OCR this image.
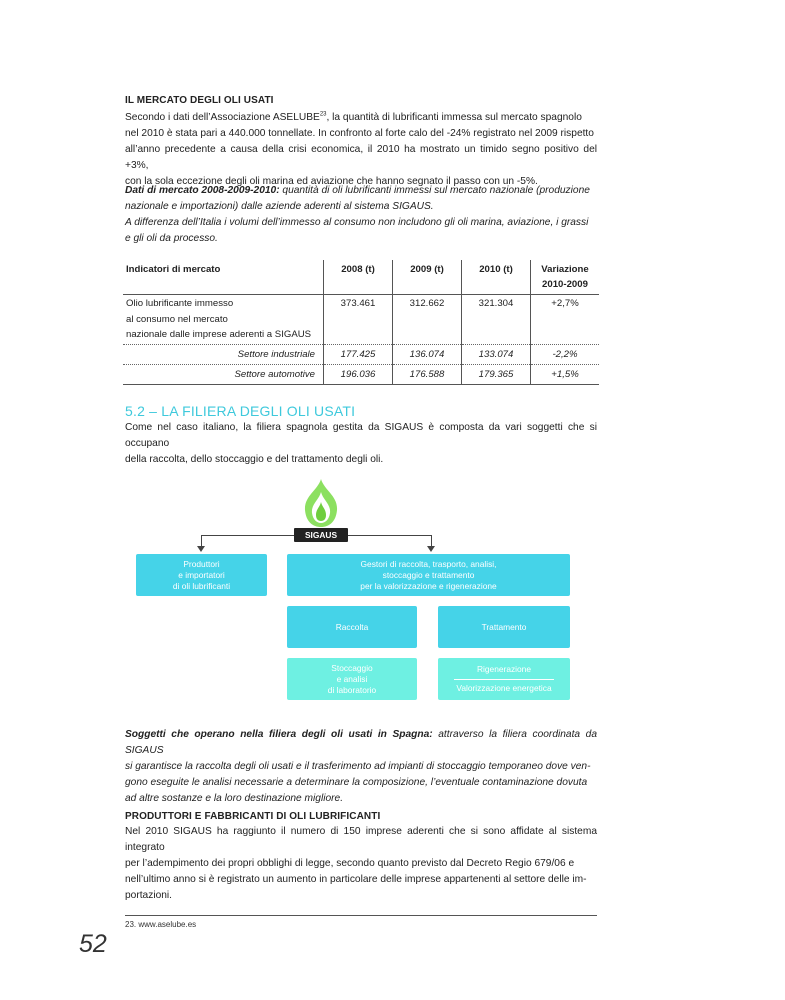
IL MERCATO DEGLI OLI USATI
Secondo i dati dell’Associazione ASELUBE$^{23}$, la quantità di lubrificanti immessa sul mercato spagnolo
nel 2010 è stata pari a 440.000 tonnellate. In confronto al forte calo del -24% registrato nel 2009 rispetto
all’anno precedente a causa della crisi economica, il 2010 ha mostrato un timido segno positivo del +3%,
con la sola eccezione degli oli marina ed aviazione che hanno segnato il passo con un -5%.
Dati di mercato 2008-2009-2010: quantità di oli lubrificanti immessi sul mercato nazionale (produzione
nazionale e importazioni) dalle aziende aderenti al sistema SIGAUS.
A differenza dell’Italia i volumi dell’immesso al consumo non includono gli oli marina, aviazione, i grassi
e gli oli da processo.
Indicatori di mercato	2008 (t)	2009 (t)	2010 (t)	Variazione
2010-2009

Olio lubrificante immesso
al consumo nel mercato
nazionale dalle imprese aderenti a SIGAUS	373.461	312.662	321.304	+2,7%
Settore industriale	177.425	136.074	133.074	-2,2%
Settore automotive	196.036	176.588	179.365	+1,5%
5.2 – LA FILIERA DEGLI OLI USATI
Come nel caso italiano, la filiera spagnola gestita da SIGAUS è composta da vari soggetti che si occupano
della raccolta, dello stoccaggio e del trattamento degli oli.
SIGAUS
Produttori
e importatori
di oli lubrificanti
Gestori di raccolta, trasporto, analisi,
stoccaggio e trattamento
per la valorizzazione e rigenerazione
Raccolta	Trattamento
Stoccaggio
e analisi
di laboratorio
Rigenerazione
Valorizzazione energetica
Soggetti che operano nella filiera degli oli usati in Spagna: attraverso la filiera coordinata da SIGAUS
si garantisce la raccolta degli oli usati e il trasferimento ad impianti di stoccaggio temporaneo dove ven-
gono eseguite le analisi necessarie a determinare la composizione, l’eventuale contaminazione dovuta
ad altre sostanze e la loro destinazione migliore.
PRODUTTORI E FABBRICANTI DI OLI LUBRIFICANTI
Nel 2010 SIGAUS ha raggiunto il numero di 150 imprese aderenti che si sono affidate al sistema integrato
per l’adempimento dei propri obblighi di legge, secondo quanto previsto dal Decreto Regio 679/06 e
nell’ultimo anno si è registrato un aumento in particolare delle imprese appartenenti al settore delle im-
portazioni.
23. www.aselube.es
52
